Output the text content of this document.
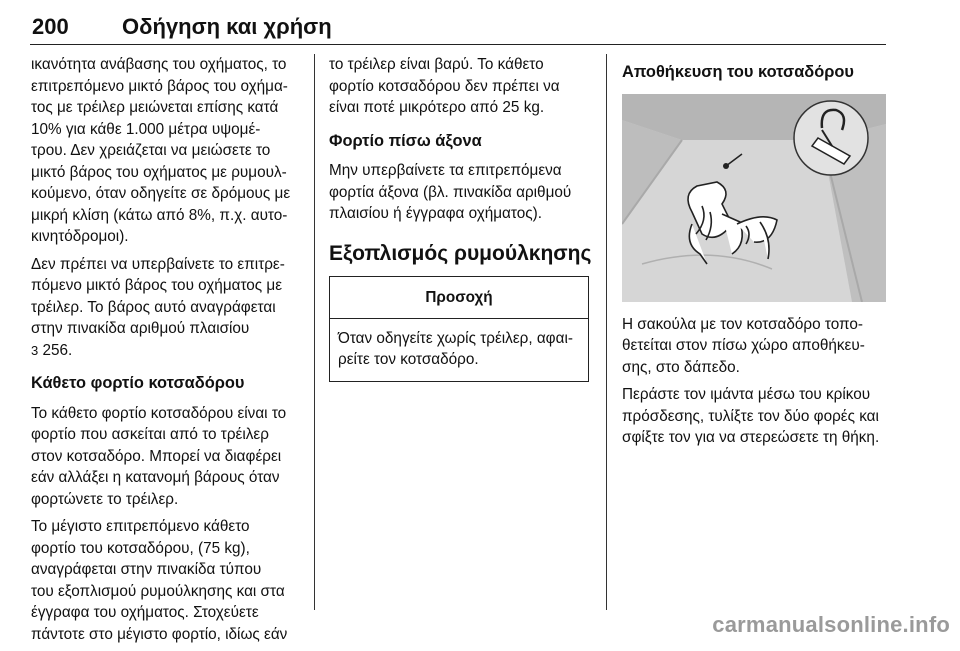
200 Οδήγηση και χρήση

ικανότητα ανάβασης του οχήματος, το
επιτρεπόμενο μικτό βάρος του οχήμα-
τος με τρέιλερ μειώνεται επίσης κατά
10% για κάθε 1.000 μέτρα υψομέ-
τρου. Δεν χρειάζεται να μειώσετε το
μικτό βάρος του οχήματος με ρυμουλ-
κούμενο, όταν οδηγείτε σε δρόμους με
μικρή κλίση (κάτω από 8%, π.χ. αυτο-
κινητόδρομοι).

Δεν πρέπει να υπερβαίνετε το επιτρε-
πόμενο μικτό βάρος του οχήματος με
τρέιλερ. Το βάρος αυτό αναγράφεται
στην πινακίδα αριθμού πλαισίου
3 256.

Κάθετο φορτίο κοτσαδόρου

Το κάθετο φορτίο κοτσαδόρου είναι το
φορτίο που ασκείται από το τρέιλερ
στον κοτσαδόρο. Μπορεί να διαφέρει
εάν αλλάξει η κατανομή βάρους όταν
φορτώνετε το τρέιλερ.

Το μέγιστο επιτρεπόμενο κάθετο
φορτίο του κοτσαδόρου, (75 kg),
αναγράφεται στην πινακίδα τύπου
του εξοπλισμού ρυμούλκησης και στα
έγγραφα του οχήματος. Στοχεύετε
πάντοτε στο μέγιστο φορτίο, ιδίως εάν

το τρέιλερ είναι βαρύ. Το κάθετο
φορτίο κοτσαδόρου δεν πρέπει να
είναι ποτέ μικρότερο από 25 kg.

Φορτίο πίσω άξονα

Μην υπερβαίνετε τα επιτρεπόμενα
φορτία άξονα (βλ. πινακίδα αριθμού
πλαισίου ή έγγραφα οχήματος).

Εξοπλισμός ρυμούλκησης
Προσοχή
Όταν οδηγείτε χωρίς τρέιλερ, αφαι-
ρείτε τον κοτσαδόρο.
Αποθήκευση του κοτσαδόρου

Η σακούλα με τον κοτσαδόρο τοπο-
θετείται στον πίσω χώρο αποθήκευ-
σης, στο δάπεδο.

Περάστε τον ιμάντα μέσω του κρίκου
πρόσδεσης, τυλίξτε τον δύο φορές και
σφίξτε τον για να στερεώσετε τη θήκη.

carmanualsonline.info
